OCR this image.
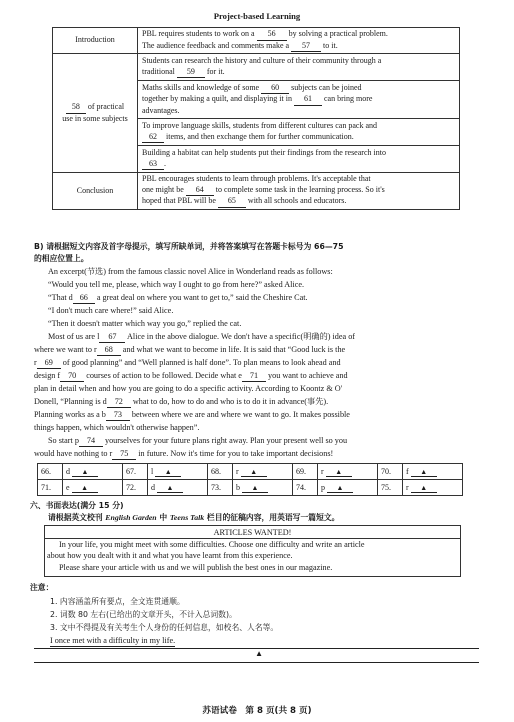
Project-based Learning
Introduction	PBL requires students to work on a 56 by solving a practical problem.
The audience feedback and comments make a 57 to it.
58 of practical
use in some subjects	Students can research the history and culture of their community through a
traditional 59 for it.
	Maths skills and knowledge of some 60 subjects can be joined
together by making a quilt, and displaying it in 61 can bring more
advantages.
	To improve language skills, students from different cultures can pack and
62 items, and then exchange them for further communication.
	Building a habitat can help students put their findings from the research into
63 .
Conclusion	PBL encourages students to learn through problems. It's acceptable that
one might be 64 to complete some task in the learning process. So it's
hoped that PBL will be 65 with all schools and educators.
B) 请根据短文内容及首字母提示，填写所缺单词，并将答案填写在答题卡标号为 66—75
的相应位置上。
An excerpt(节选) from the famous classic novel Alice in Wonderland reads as follows:
“Would you tell me, please, which way I ought to go from here?” asked Alice.
“That d 66 a great deal on where you want to get to,” said the Cheshire Cat.
“I don't much care where!” said Alice.
“Then it doesn't matter which way you go,” replied the cat.
Most of us are l 67 Alice in the above dialogue. We don't have a specific(明确的) idea of
where we want to r 68 and what we want to become in life. It is said that “Good luck is the
r 69 of good planning” and “Well planned is half done”. To plan means to look ahead and
design f 70 courses of action to be followed. Decide what e 71 you want to achieve and
plan in detail when and how you are going to do a specific activity. According to Koontz & O'
Donell, “Planning is d 72 what to do, how to do and who is to do it in advance(事先).
Planning works as a b 73 between where we are and where we want to go. It makes possible
things happen, which wouldn't otherwise happen”.
So start p 74 yourselves for your future plans right away. Plan your present well so you
would have nothing to r 75 in future. Now it's time for you to take important decisions!
66.	d ▲	67.	l ▲	68.	r ▲	69.	r ▲	70.	f ▲
71.	e ▲	72.	d ▲	73.	b ▲	74.	p ▲	75.	r ▲
六、书面表达(满分 15 分)
请根据英文校刊 English Garden 中 Teens Talk 栏目的征稿内容，用英语写一篇短文。
ARTICLES WANTED!
In your life, you might meet with some difficulties. Choose one difficulty and write an article
about how you dealt with it and what you have learnt from this experience.
Please share your article with us and we will publish the best ones in our magazine.
注意：
1. 内容涵盖所有要点，全文连贯通顺。
2. 词数 80 左右(已给出的文章开头，不计入总词数)。
3. 文中不得提及有关考生个人身份的任何信息，如校名、人名等。
I once met with a difficulty in my life.
▲
苏语试卷　第 8 页(共 8 页)
